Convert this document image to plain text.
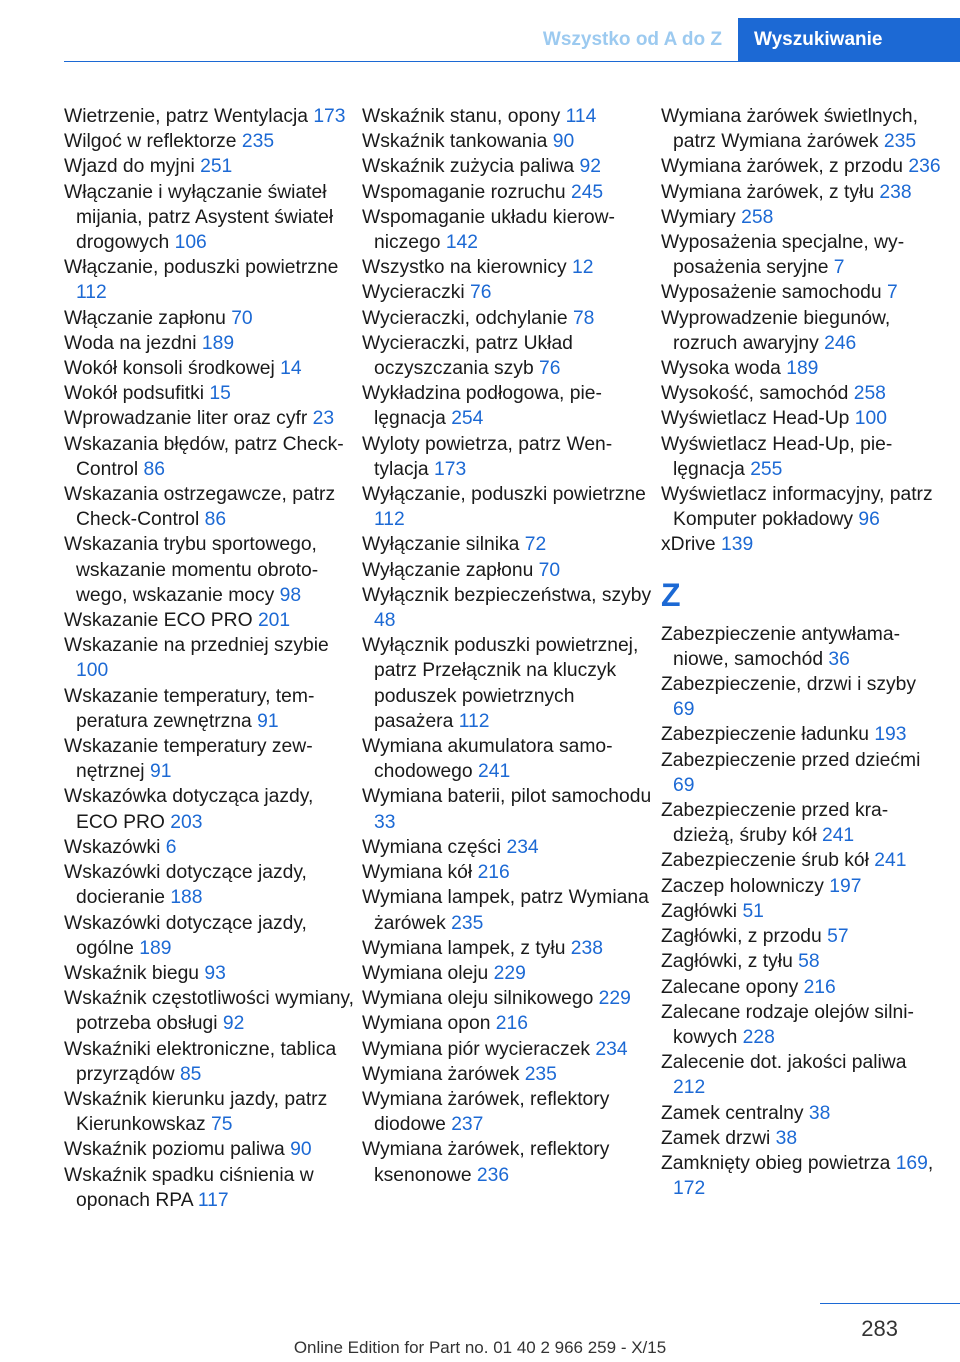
Wszystko od A do Z	Wyszukiwanie
Wietrzenie, patrz Wentylacja 173
Wilgoć w reflektorze 235
Wjazd do myjni 251
Włączanie i wyłączanie świateł mijania, patrz Asystent świateł drogowych 106
Włączanie, poduszki powietrzne 112
Włączanie zapłonu 70
Woda na jezdni 189
Wokół konsoli środkowej 14
Wokół podsufitki 15
Wprowadzanie liter oraz cyfr 23
Wskazania błędów, patrz Check-Control 86
Wskazania ostrzegawcze, patrz Check-Control 86
Wskazania trybu sportowego, wskazanie momentu obrotowego, wskazanie mocy 98
Wskazanie ECO PRO 201
Wskazanie na przedniej szybie 100
Wskazanie temperatury, temperatura zewnętrzna 91
Wskazanie temperatury zewnętrznej 91
Wskazówka dotycząca jazdy, ECO PRO 203
Wskazówki 6
Wskazówki dotyczące jazdy, docieranie 188
Wskazówki dotyczące jazdy, ogólne 189
Wskaźnik biegu 93
Wskaźnik częstotliwości wymiany, potrzeba obsługi 92
Wskaźniki elektroniczne, tablica przyrządów 85
Wskaźnik kierunku jazdy, patrz Kierunkowskaz 75
Wskaźnik poziomu paliwa 90
Wskaźnik spadku ciśnienia w oponach RPA 117
Wskaźnik stanu, opony 114
Wskaźnik tankowania 90
Wskaźnik zużycia paliwa 92
Wspomaganie rozruchu 245
Wspomaganie układu kierowniczego 142
Wszystko na kierownicy 12
Wycieraczki 76
Wycieraczki, odchylanie 78
Wycieraczki, patrz Układ oczyszczania szyb 76
Wykładzina podłogowa, pielęgnacja 254
Wyloty powietrza, patrz Wentylacja 173
Wyłączanie, poduszki powietrzne 112
Wyłączanie silnika 72
Wyłączanie zapłonu 70
Wyłącznik bezpieczeństwa, szyby 48
Wyłącznik poduszki powietrznej, patrz Przełącznik na kluczyk poduszek powietrznych pasażera 112
Wymiana akumulatora samochodowego 241
Wymiana baterii, pilot samochodu 33
Wymiana części 234
Wymiana kół 216
Wymiana lampek, patrz Wymiana żarówek 235
Wymiana lampek, z tyłu 238
Wymiana oleju 229
Wymiana oleju silnikowego 229
Wymiana opon 216
Wymiana piór wycieraczek 234
Wymiana żarówek 235
Wymiana żarówek, reflektory diodowe 237
Wymiana żarówek, reflektory ksenonowe 236
Wymiana żarówek świetlnych, patrz Wymiana żarówek 235
Wymiana żarówek, z przodu 236
Wymiana żarówek, z tyłu 238
Wymiary 258
Wyposażenia specjalne, wyposażenia seryjne 7
Wyposażenie samochodu 7
Wyprowadzenie biegunów, rozruch awaryjny 246
Wysoka woda 189
Wysokość, samochód 258
Wyświetlacz Head-Up 100
Wyświetlacz Head-Up, pielęgnacja 255
Wyświetlacz informacyjny, patrz Komputer pokładowy 96
xDrive 139
Z
Zabezpieczenie antywłamaniowe, samochód 36
Zabezpieczenie, drzwi i szyby 69
Zabezpieczenie ładunku 193
Zabezpieczenie przed dziećmi 69
Zabezpieczenie przed kradzieżą, śruby kół 241
Zabezpieczenie śrub kół 241
Zaczep holowniczy 197
Zagłówki 51
Zagłówki, z przodu 57
Zagłówki, z tyłu 58
Zalecane opony 216
Zalecane rodzaje olejów silnikowych 228
Zalecenie dot. jakości paliwa 212
Zamek centralny 38
Zamek drzwi 38
Zamknięty obieg powietrza 169, 172
283
Online Edition for Part no. 01 40 2 966 259 - X/15
